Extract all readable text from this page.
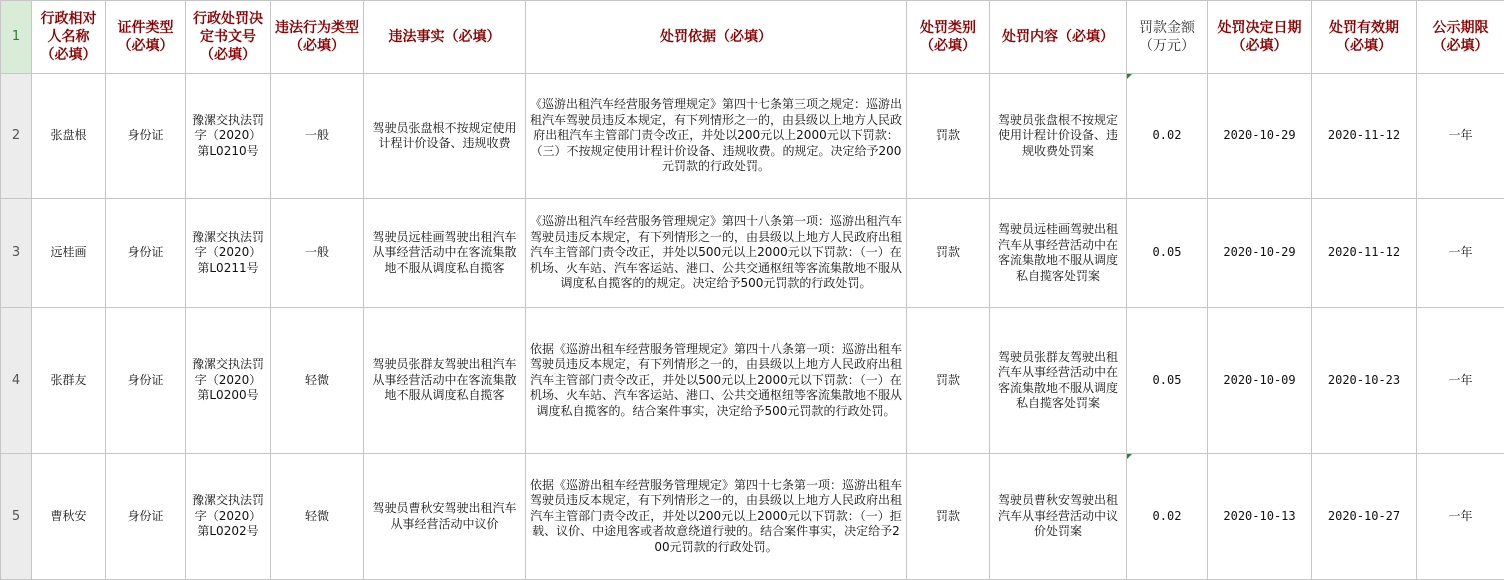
1	行政相对人名称（必填）	证件类型（必填）	行政处罚决定书文号（必填）	违法行为类型（必填）	违法事实（必填）	处罚依据（必填）	处罚类别（必填）	处罚内容（必填）	罚款金额（万元）	处罚决定日期（必填）	处罚有效期（必填）	公示期限（必填）
2	张盘根	身份证	豫漯交执法罚字（2020）第L0210号	一般	驾驶员张盘根不按规定使用计程计价设备、违规收费	《巡游出租汽车经营服务管理规定》第四十七条第三项之规定：巡游出租汽车驾驶员违反本规定，有下列情形之一的，由县级以上地方人民政府出租汽车主管部门责令改正，并处以200元以上2000元以下罚款：（三）不按规定使用计程计价设备、违规收费。的规定。决定给予200元罚款的行政处罚。	罚款	驾驶员张盘根不按规定使用计程计价设备、违规收费处罚案	0.02	2020-10-29	2020-11-12	一年
3	远桂画	身份证	豫漯交执法罚字（2020）第L0211号	一般	驾驶员远桂画驾驶出租汽车从事经营活动中在客流集散地不服从调度私自揽客	《巡游出租汽车经营服务管理规定》第四十八条第一项：巡游出租汽车驾驶员违反本规定，有下列情形之一的，由县级以上地方人民政府出租汽车主管部门责令改正，并处以500元以上2000元以下罚款：（一）在机场、火车站、汽车客运站、港口、公共交通枢纽等客流集散地不服从调度私自揽客的的规定。决定给予500元罚款的行政处罚。	罚款	驾驶员远桂画驾驶出租汽车从事经营活动中在客流集散地不服从调度私自揽客处罚案	0.05	2020-10-29	2020-11-12	一年
4	张群友	身份证	豫漯交执法罚字（2020）第L0200号	轻微	驾驶员张群友驾驶出租汽车从事经营活动中在客流集散地不服从调度私自揽客	依据《巡游出租车经营服务管理规定》第四十八条第一项：巡游出租车驾驶员违反本规定，有下列情形之一的，由县级以上地方人民政府出租汽车主管部门责令改正，并处以500元以上2000元以下罚款：（一）在机场、火车站、汽车客运站、港口、公共交通枢纽等客流集散地不服从调度私自揽客的。结合案件事实，决定给予500元罚款的行政处罚。	罚款	驾驶员张群友驾驶出租汽车从事经营活动中在客流集散地不服从调度私自揽客处罚案	0.05	2020-10-09	2020-10-23	一年
5	曹秋安	身份证	豫漯交执法罚字（2020）第L0202号	轻微	驾驶员曹秋安驾驶出租汽车从事经营活动中议价	依据《巡游出租车经营服务管理规定》第四十七条第一项：巡游出租车驾驶员违反本规定，有下列情形之一的，由县级以上地方人民政府出租汽车主管部门责令改正，并处以200元以上2000元以下罚款：（一）拒载、议价、中途甩客或者故意绕道行驶的。结合案件事实，决定给予200元罚款的行政处罚。	罚款	驾驶员曹秋安驾驶出租汽车从事经营活动中议价处罚案	0.02	2020-10-13	2020-10-27	一年
